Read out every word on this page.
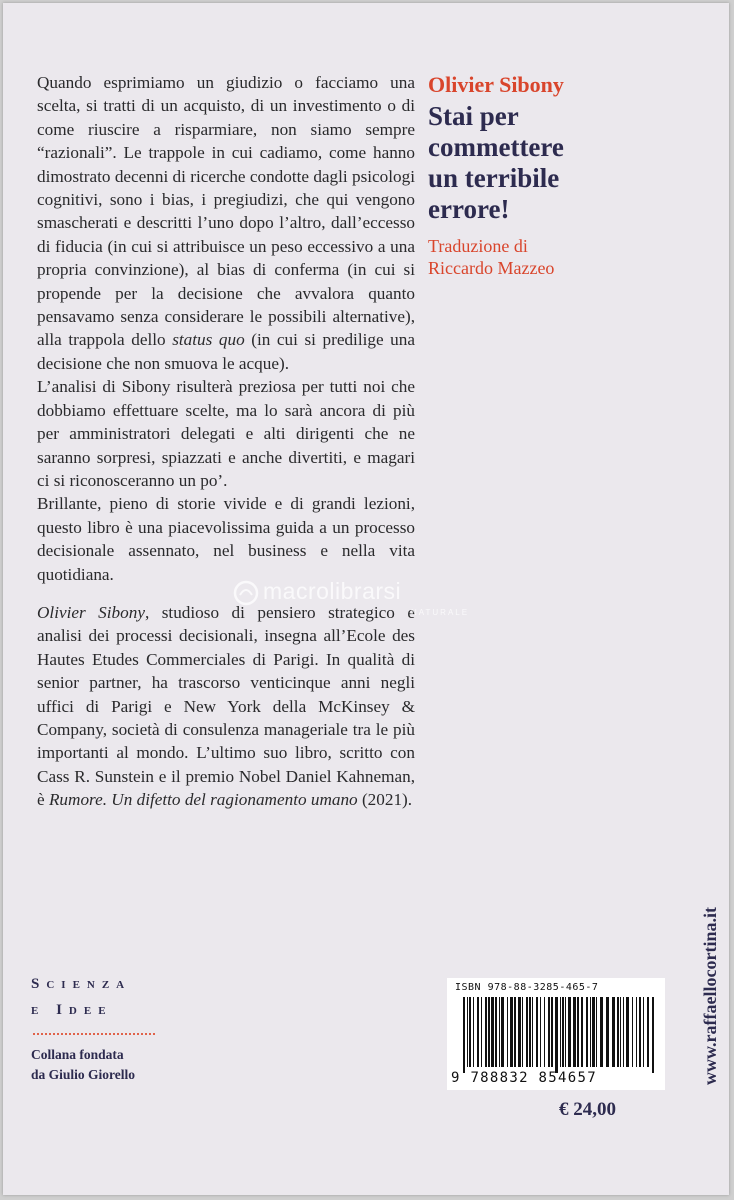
Quando esprimiamo un giudizio o facciamo una scelta, si tratti di un acquisto, di un investimento o di come riuscire a risparmiare, non siamo sempre “razionali”. Le trappole in cui cadiamo, come hanno dimostrato decenni di ricerche condotte dagli psicologi cognitivi, sono i bias, i pregiudizi, che qui vengono smascherati e descritti l’uno dopo l’altro, dall’eccesso di fiducia (in cui si attribuisce un peso eccessivo a una propria convinzione), al bias di conferma (in cui si propende per la decisione che avvalora quanto pensavamo senza considerare le possibili alternative), alla trappola dello status quo (in cui si predilige una decisione che non smuova le acque).

L’analisi di Sibony risulterà preziosa per tutti noi che dobbiamo effettuare scelte, ma lo sarà ancora di più per amministratori delegati e alti dirigenti che ne saranno sorpresi, spiazzati e anche divertiti, e magari ci si riconosceranno un po’.

Brillante, pieno di storie vivide e di grandi lezioni, questo libro è una piacevolissima guida a un processo decisionale assennato, nel business e nella vita quotidiana.

Olivier Sibony, studioso di pensiero strategico e analisi dei processi decisionali, insegna all’Ecole des Hautes Etudes Commerciales di Parigi. In qualità di senior partner, ha trascorso venticinque anni negli uffici di Parigi e New York della McKinsey & Company, società di consulenza manageriale tra le più importanti al mondo. L’ultimo suo libro, scritto con Cass R. Sunstein e il premio Nobel Daniel Kahneman, è Rumore. Un difetto del ragionamento umano (2021).

Olivier Sibony

Stai per
commettere
un terribile
errore!
Traduzione di
Riccardo Mazzeo
macrolibrarsi
NATURALE
Scienza
e Idee
Collana fondata
da Giulio Giorello	www.raffaellocortina.it
ISBN 978-88-3285-465-7
9 788832 854657
€ 24,00
